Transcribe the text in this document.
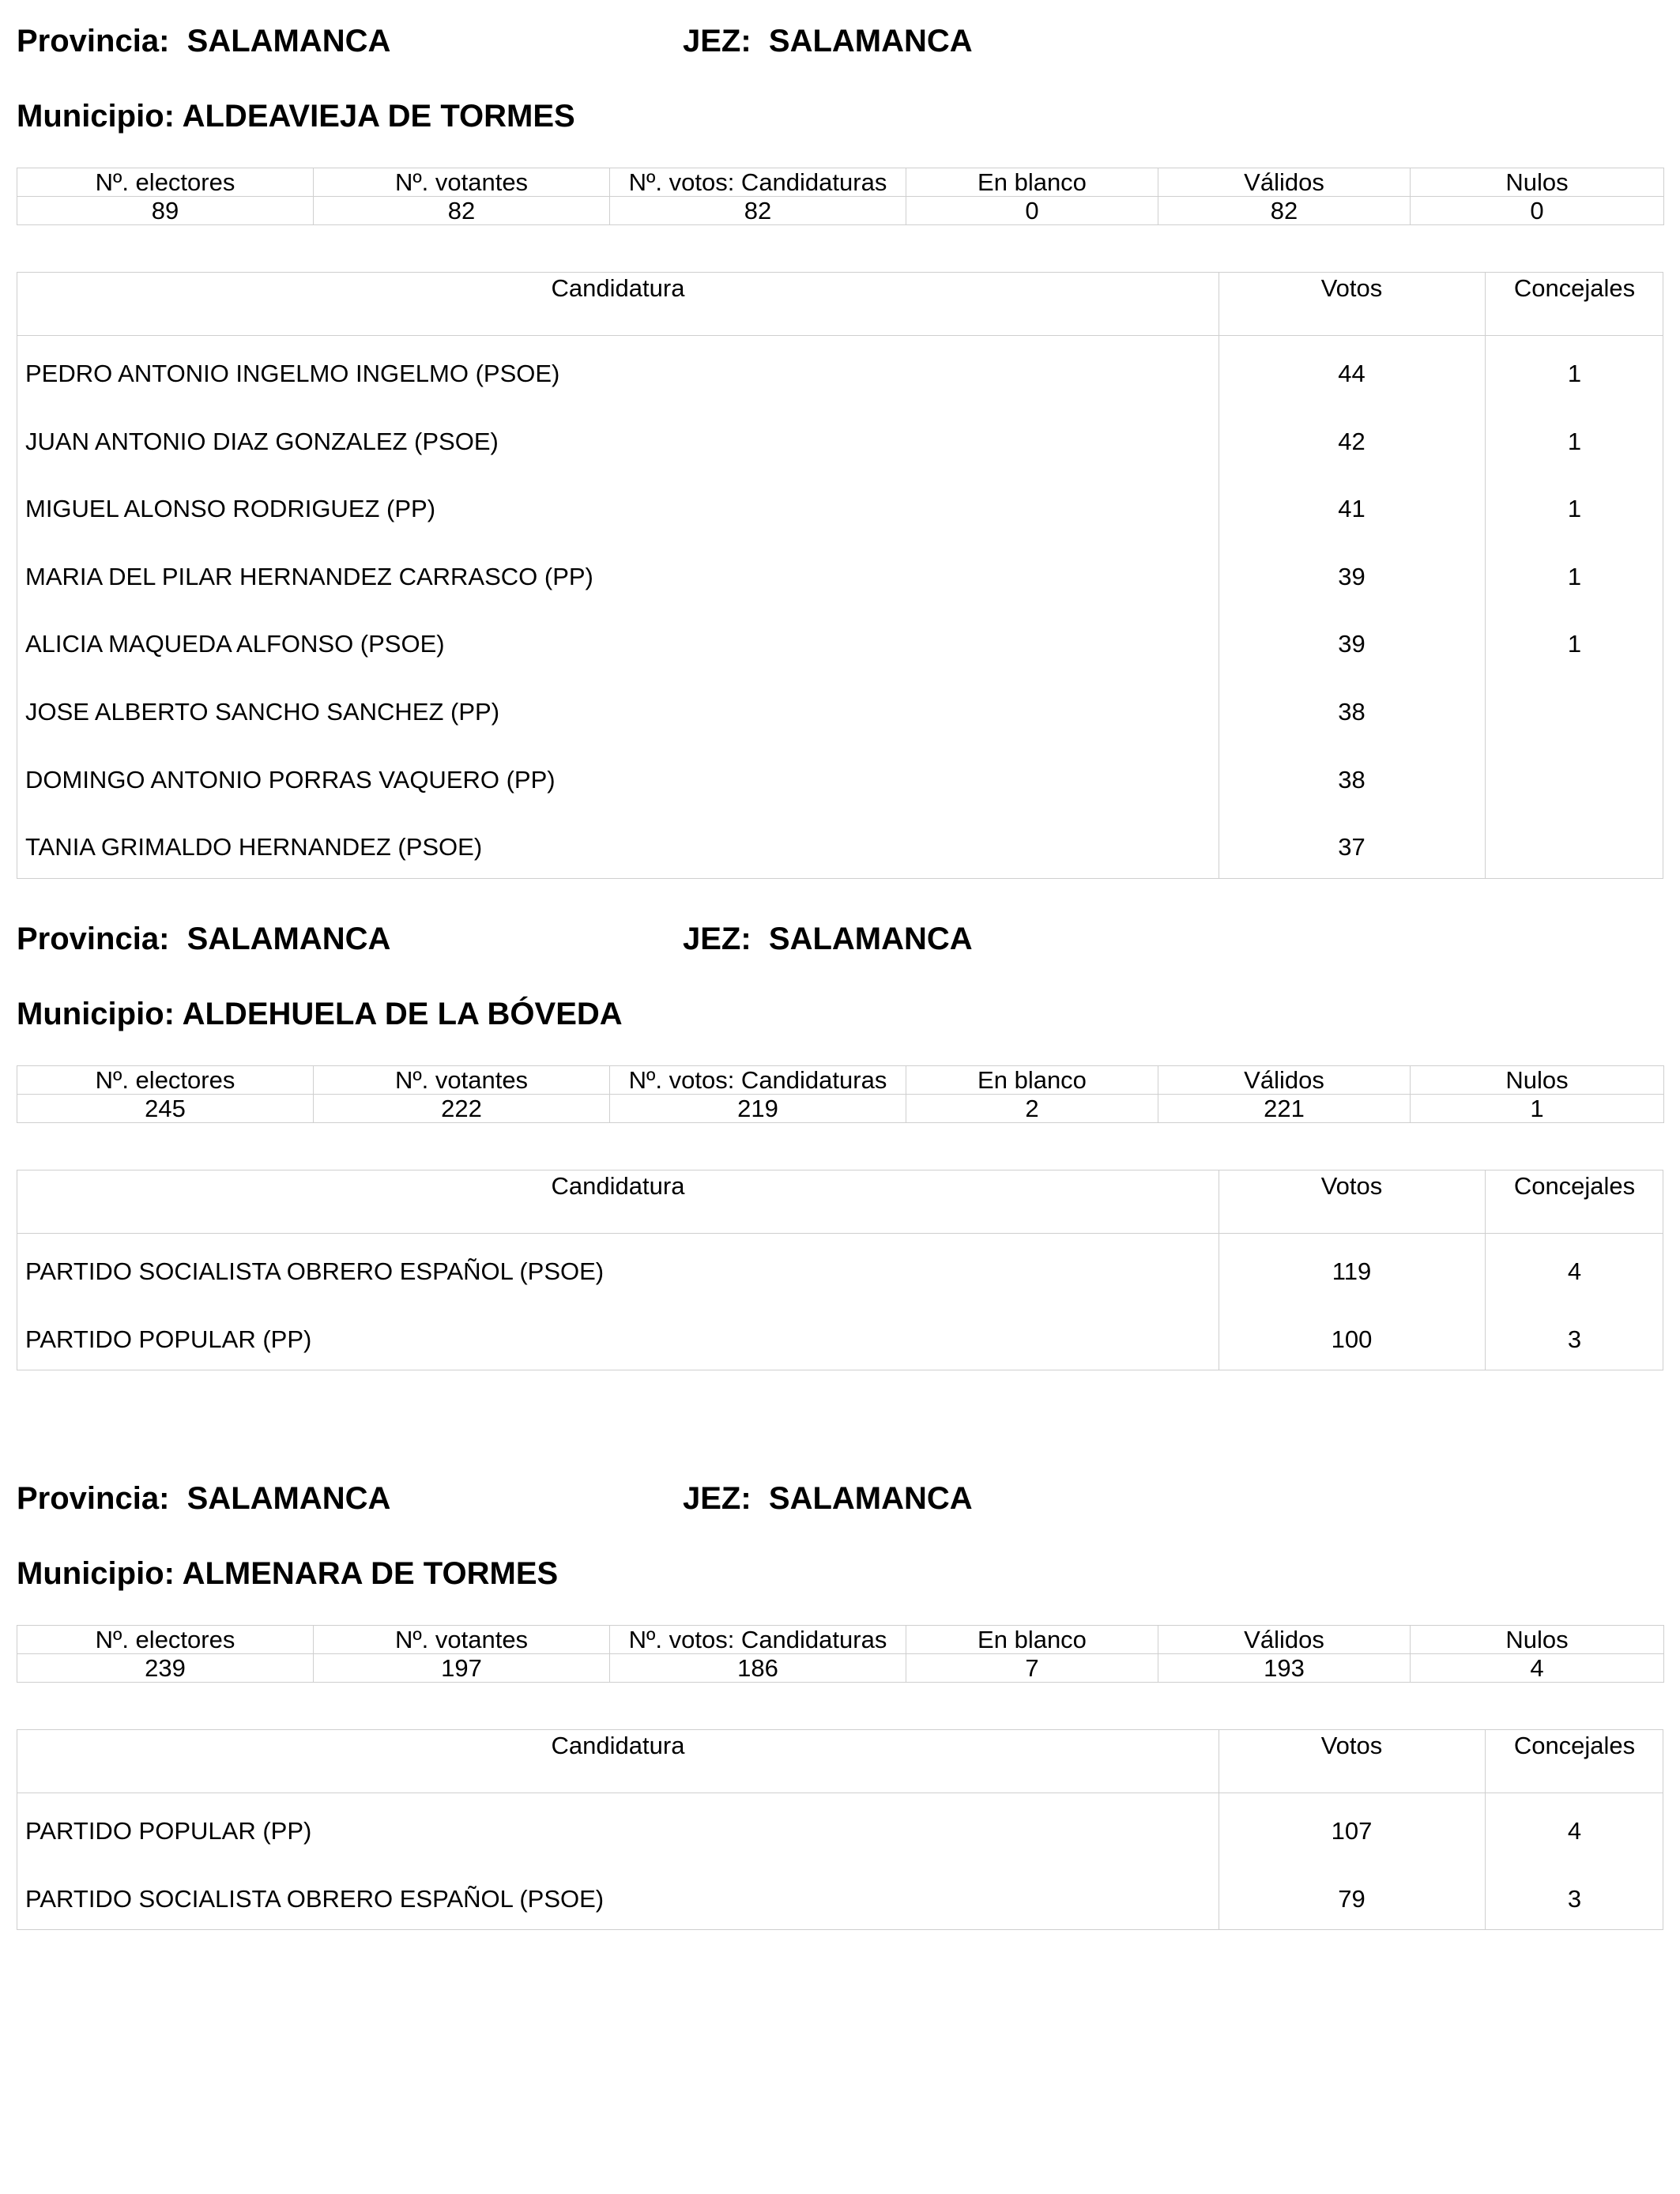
Provincia: SALAMANCA	JEZ: SALAMANCA
Municipio: ALDEAVIEJA DE TORMES
Nº. electores	Nº. votantes	Nº. votos: Candidaturas	En blanco	Válidos	Nulos
89	82	82	0	82	0
Candidatura	Votos	Concejales
PEDRO ANTONIO INGELMO INGELMO (PSOE)	44	1
JUAN ANTONIO DIAZ GONZALEZ (PSOE)	42	1
MIGUEL ALONSO RODRIGUEZ (PP)	41	1
MARIA DEL PILAR HERNANDEZ CARRASCO (PP)	39	1
ALICIA MAQUEDA ALFONSO (PSOE)	39	1
JOSE ALBERTO SANCHO SANCHEZ (PP)	38
DOMINGO ANTONIO PORRAS VAQUERO (PP)	38
TANIA GRIMALDO HERNANDEZ (PSOE)	37
Provincia: SALAMANCA	JEZ: SALAMANCA
Municipio: ALDEHUELA DE LA BÓVEDA
Nº. electores	Nº. votantes	Nº. votos: Candidaturas	En blanco	Válidos	Nulos
245	222	219	2	221	1
Candidatura	Votos	Concejales
PARTIDO SOCIALISTA OBRERO ESPAÑOL (PSOE)	119	4
PARTIDO POPULAR (PP)	100	3
Provincia: SALAMANCA	JEZ: SALAMANCA
Municipio: ALMENARA DE TORMES
Nº. electores	Nº. votantes	Nº. votos: Candidaturas	En blanco	Válidos	Nulos
239	197	186	7	193	4
Candidatura	Votos	Concejales
PARTIDO POPULAR (PP)	107	4
PARTIDO SOCIALISTA OBRERO ESPAÑOL (PSOE)	79	3
